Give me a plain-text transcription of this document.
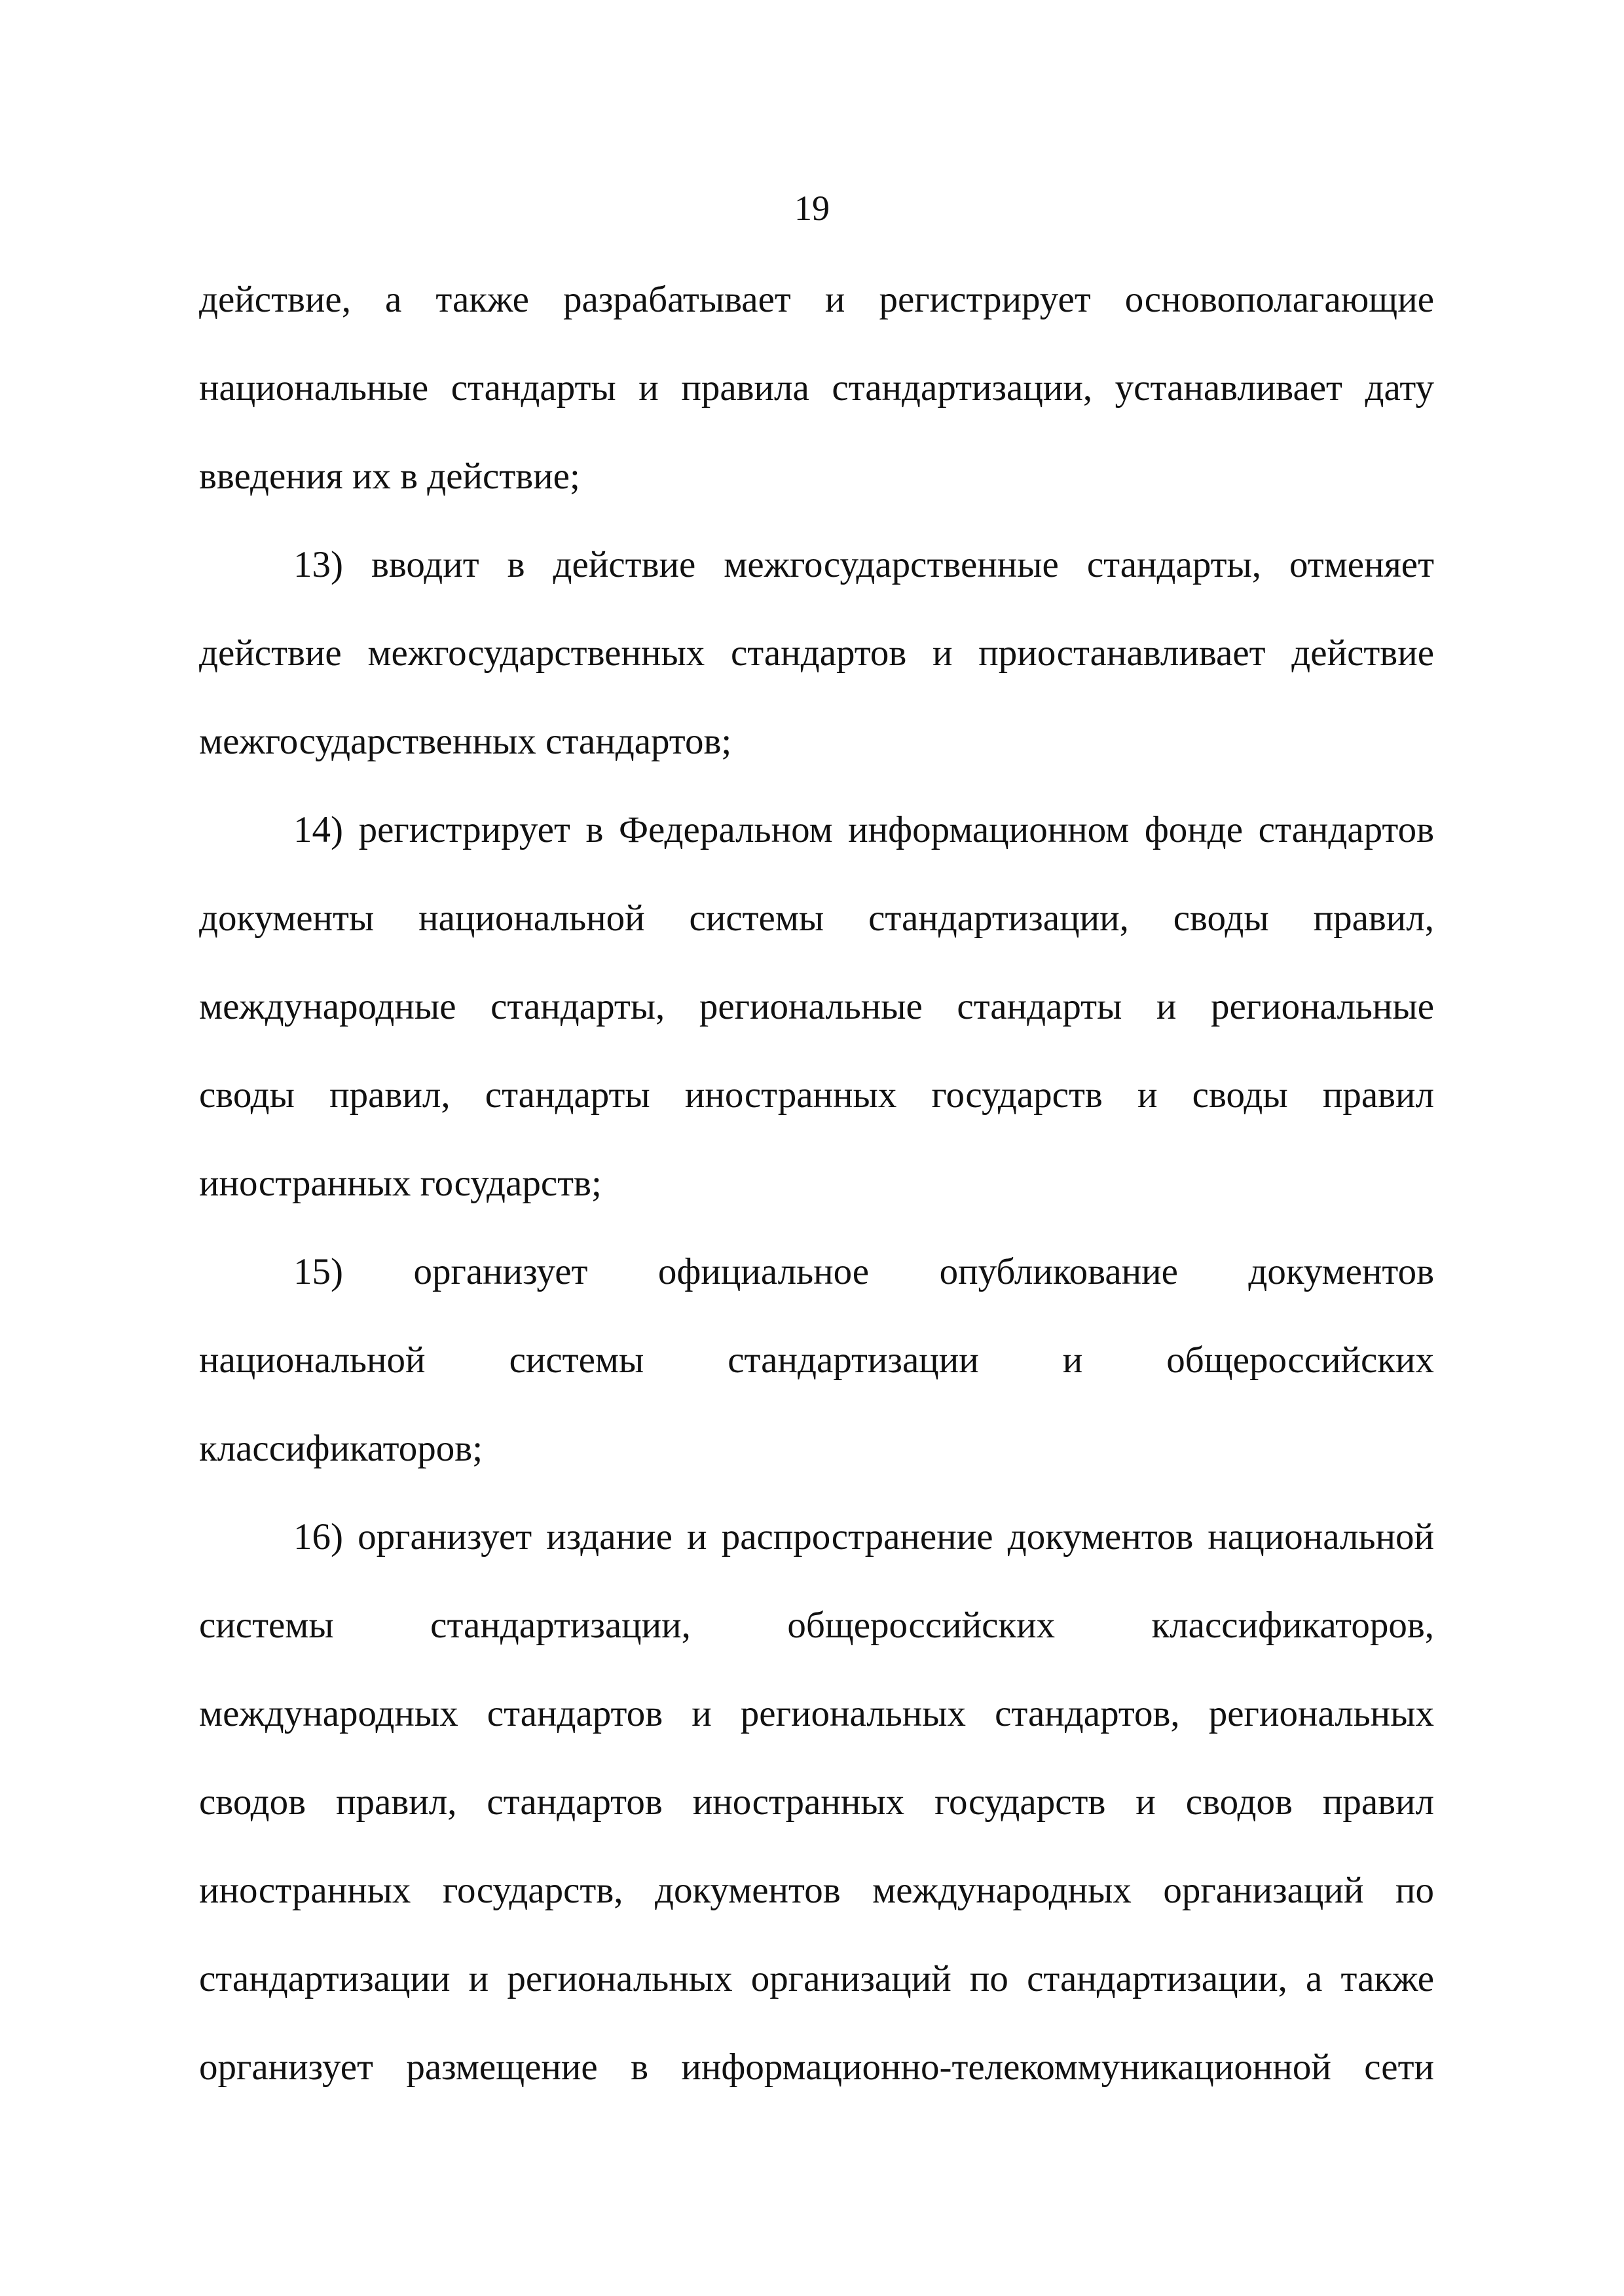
19
действие, а также разрабатывает и регистрирует основополагающие
национальные стандарты и правила стандартизации, устанавливает дату
введения их в действие;
13) вводит в действие межгосударственные стандарты, отменяет
действие межгосударственных стандартов и приостанавливает действие
межгосударственных стандартов;
14) регистрирует в Федеральном информационном фонде стандартов
документы национальной системы стандартизации, своды правил,
международные стандарты, региональные стандарты и региональные
своды правил, стандарты иностранных государств и своды правил
иностранных государств;
15) организует официальное опубликование документов
национальной системы стандартизации и общероссийских
классификаторов;
16) организует издание и распространение документов национальной
системы стандартизации, общероссийских классификаторов,
международных стандартов и региональных стандартов, региональных
сводов правил, стандартов иностранных государств и сводов правил
иностранных государств, документов международных организаций по
стандартизации и региональных организаций по стандартизации, а также
организует размещение в информационно-телекоммуникационной сети
